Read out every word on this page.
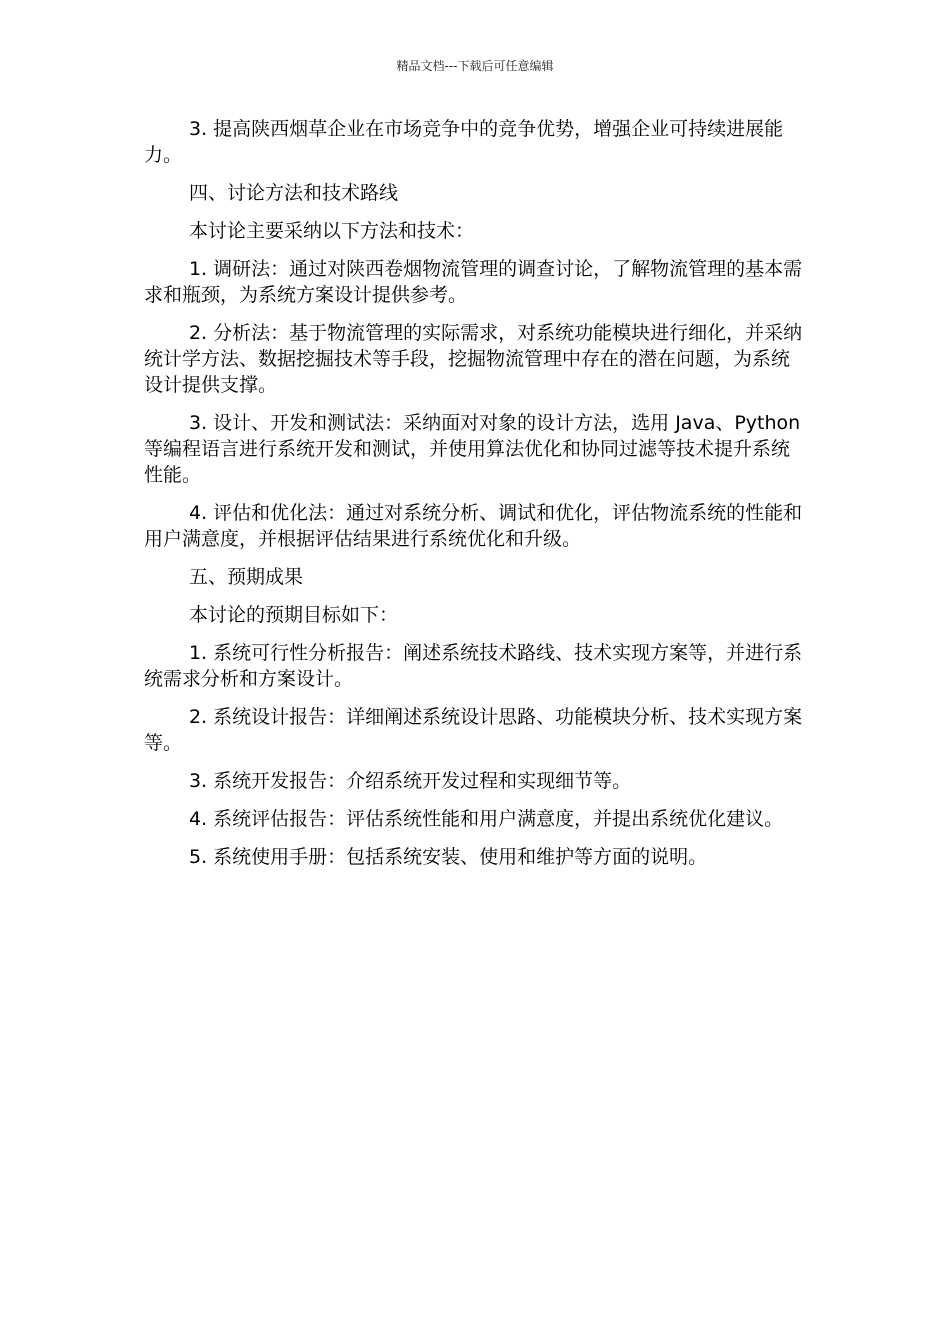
精品文档---下载后可任意编辑

3. 提高陕西烟草企业在市场竞争中的竞争优势，增强企业可持续进展能力。

四、讨论方法和技术路线

本讨论主要采纳以下方法和技术：

1. 调研法：通过对陕西卷烟物流管理的调查讨论，了解物流管理的基本需求和瓶颈，为系统方案设计提供参考。

2. 分析法：基于物流管理的实际需求，对系统功能模块进行细化，并采纳统计学方法、数据挖掘技术等手段，挖掘物流管理中存在的潜在问题，为系统设计提供支撑。

3. 设计、开发和测试法：采纳面对对象的设计方法，选用 Java、Python 等编程语言进行系统开发和测试，并使用算法优化和协同过滤等技术提升系统性能。

4. 评估和优化法：通过对系统分析、调试和优化，评估物流系统的性能和用户满意度，并根据评估结果进行系统优化和升级。

五、预期成果

本讨论的预期目标如下：

1. 系统可行性分析报告：阐述系统技术路线、技术实现方案等，并进行系统需求分析和方案设计。

2. 系统设计报告：详细阐述系统设计思路、功能模块分析、技术实现方案等。

3. 系统开发报告：介绍系统开发过程和实现细节等。

4. 系统评估报告：评估系统性能和用户满意度，并提出系统优化建议。

5. 系统使用手册：包括系统安装、使用和维护等方面的说明。
